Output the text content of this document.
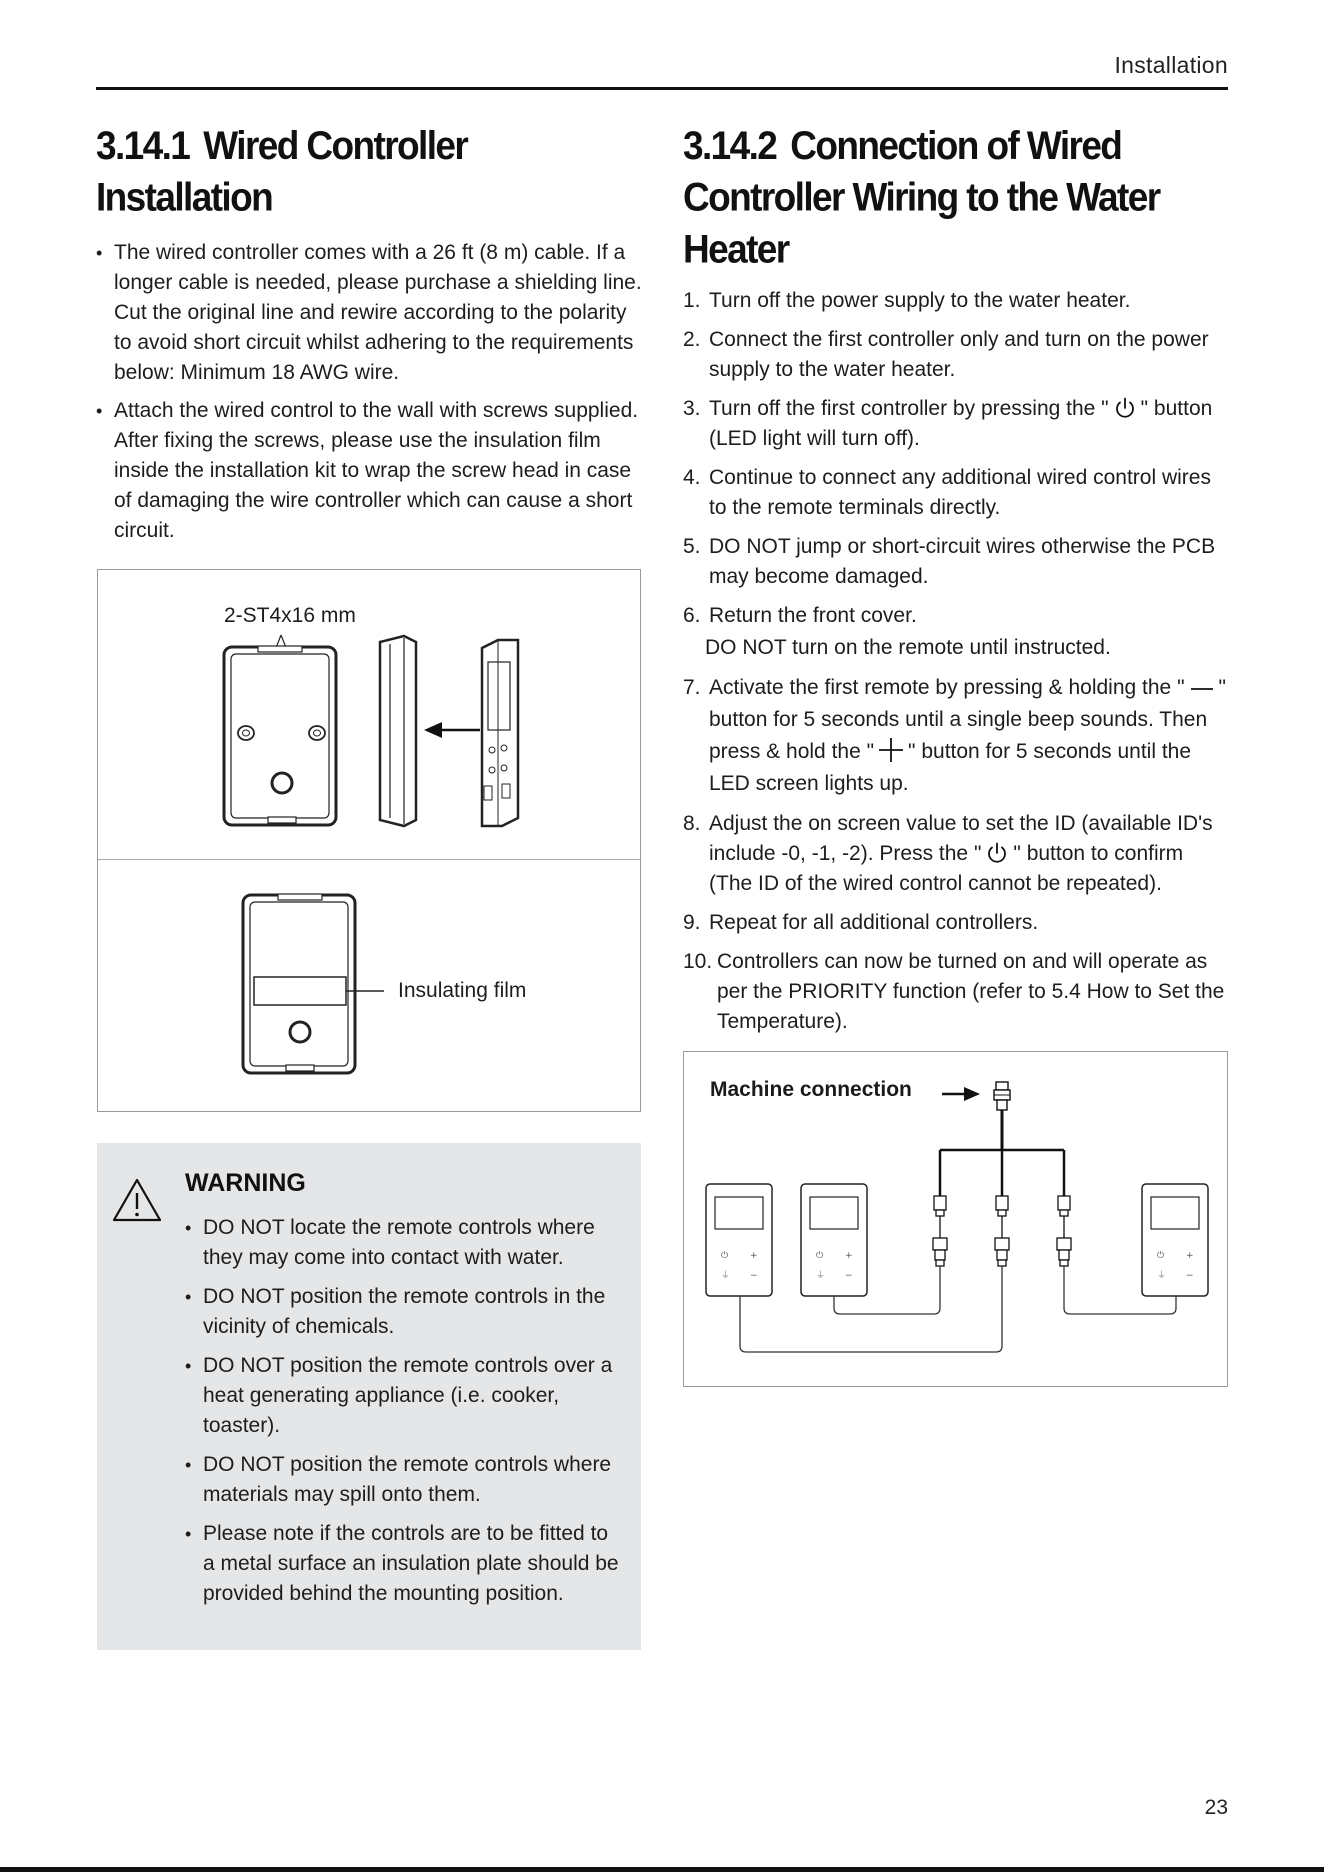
Installation
3.14.1 Wired Controller Installation
• The wired controller comes with a 26 ft (8 m) cable. If a longer cable is needed, please purchase a shielding line. Cut the original line and rewire according to the polarity to avoid short circuit whilst adhering to the requirements below: Minimum 18 AWG wire.
• Attach the wired control to the wall with screws supplied. After fixing the screws, please use the insulation film inside the installation kit to wrap the screw head in case of damaging the wire controller which can cause a short circuit.
2-ST4x16 mm
Insulating film
WARNING
• DO NOT locate the remote controls where they may come into contact with water.
• DO NOT position the remote controls in the vicinity of chemicals.
• DO NOT position the remote controls over a heat generating appliance (i.e. cooker, toaster).
• DO NOT position the remote controls where materials may spill onto them.
• Please note if the controls are to be fitted to a metal surface an insulation plate should be provided behind the mounting position.
3.14.2 Connection of Wired Controller Wiring to the Water Heater
1. Turn off the power supply to the water heater.
2. Connect the first controller only and turn on the power supply to the water heater.
3. Turn off the first controller by pressing the " " button (LED light will turn off).
4. Continue to connect any additional wired control wires to the remote terminals directly.
5. DO NOT jump or short-circuit wires otherwise the PCB may become damaged.
6. Return the front cover.
DO NOT turn on the remote until instructed.
7. Activate the first remote by pressing & holding the " " button for 5 seconds until a single beep sounds. Then press & hold the " " button for 5 seconds until the LED screen lights up.
8. Adjust the on screen value to set the ID (available ID's include -0, -1, -2). Press the " " button to confirm (The ID of the wired control cannot be repeated).
9. Repeat for all additional controllers.
10. Controllers can now be turned on and will operate as per the PRIORITY function (refer to 5.4 How to Set the Temperature).
Machine connection
⏻ +
⏚ −
⏻ +
⏚ −
⏻ +
⏚ −
23
